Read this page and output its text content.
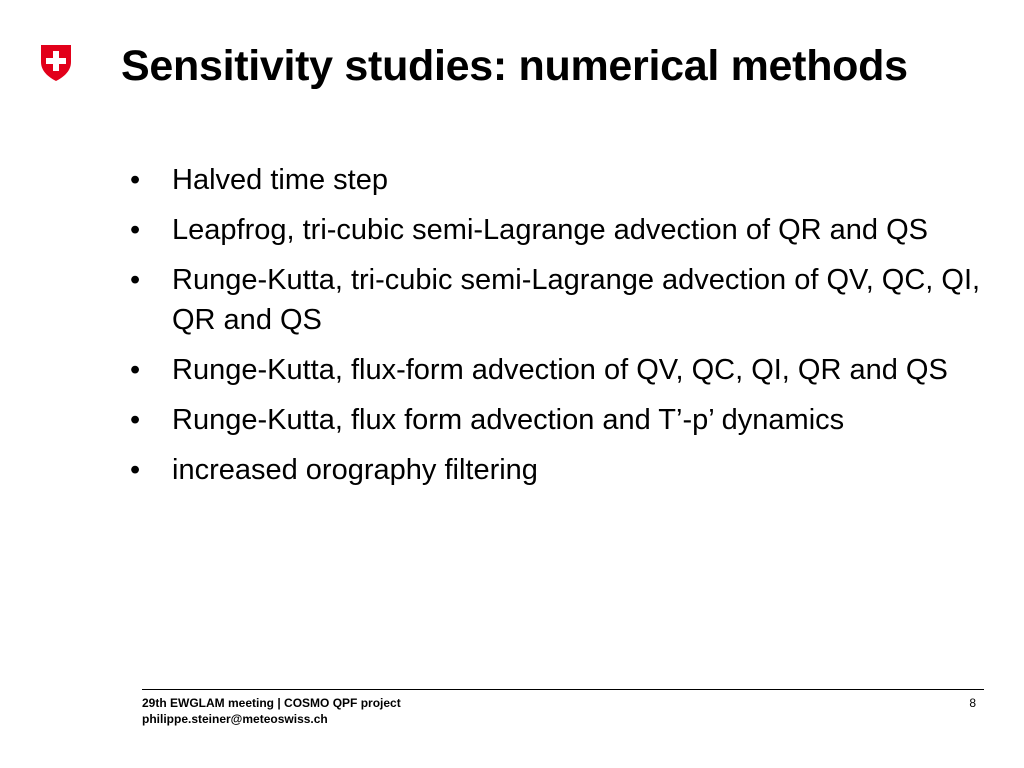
Sensitivity studies: numerical methods
•	Halved time step
•	Leapfrog, tri-cubic semi-Lagrange advection of QR and QS
•	Runge-Kutta, tri-cubic semi-Lagrange advection of QV, QC, QI, QR and QS
•	Runge-Kutta, flux-form advection of QV, QC, QI, QR and QS
•	Runge-Kutta, flux form advection and T’-p’ dynamics
•	increased orography filtering
29th EWGLAM meeting | COSMO QPF project
philippe.steiner@meteoswiss.ch
8
